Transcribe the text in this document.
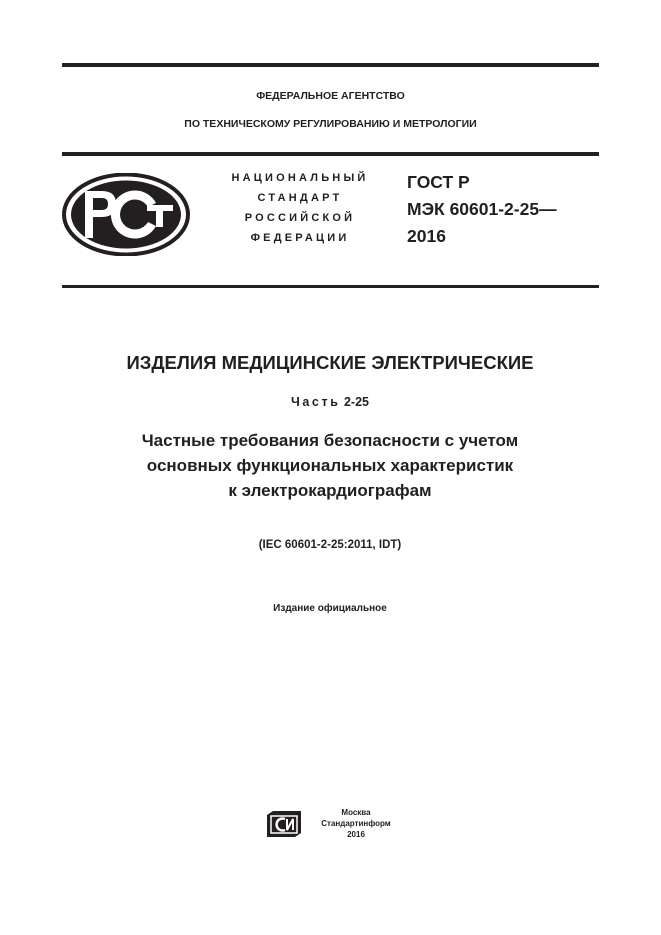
ФЕДЕРАЛЬНОЕ АГЕНТСТВО
ПО ТЕХНИЧЕСКОМУ РЕГУЛИРОВАНИЮ И МЕТРОЛОГИИ
НАЦИОНАЛЬНЫЙ
СТАНДАРТ
РОССИЙСКОЙ
ФЕДЕРАЦИИ
ГОСТ Р
МЭК 60601-2-25—
2016
ИЗДЕЛИЯ МЕДИЦИНСКИЕ ЭЛЕКТРИЧЕСКИЕ
Часть 2-25
Частные требования безопасности с учетом
основных функциональных характеристик
к электрокардиографам
(IEC 60601-2-25:2011, IDT)
Издание официальное
Москва
Стандартинформ
2016
